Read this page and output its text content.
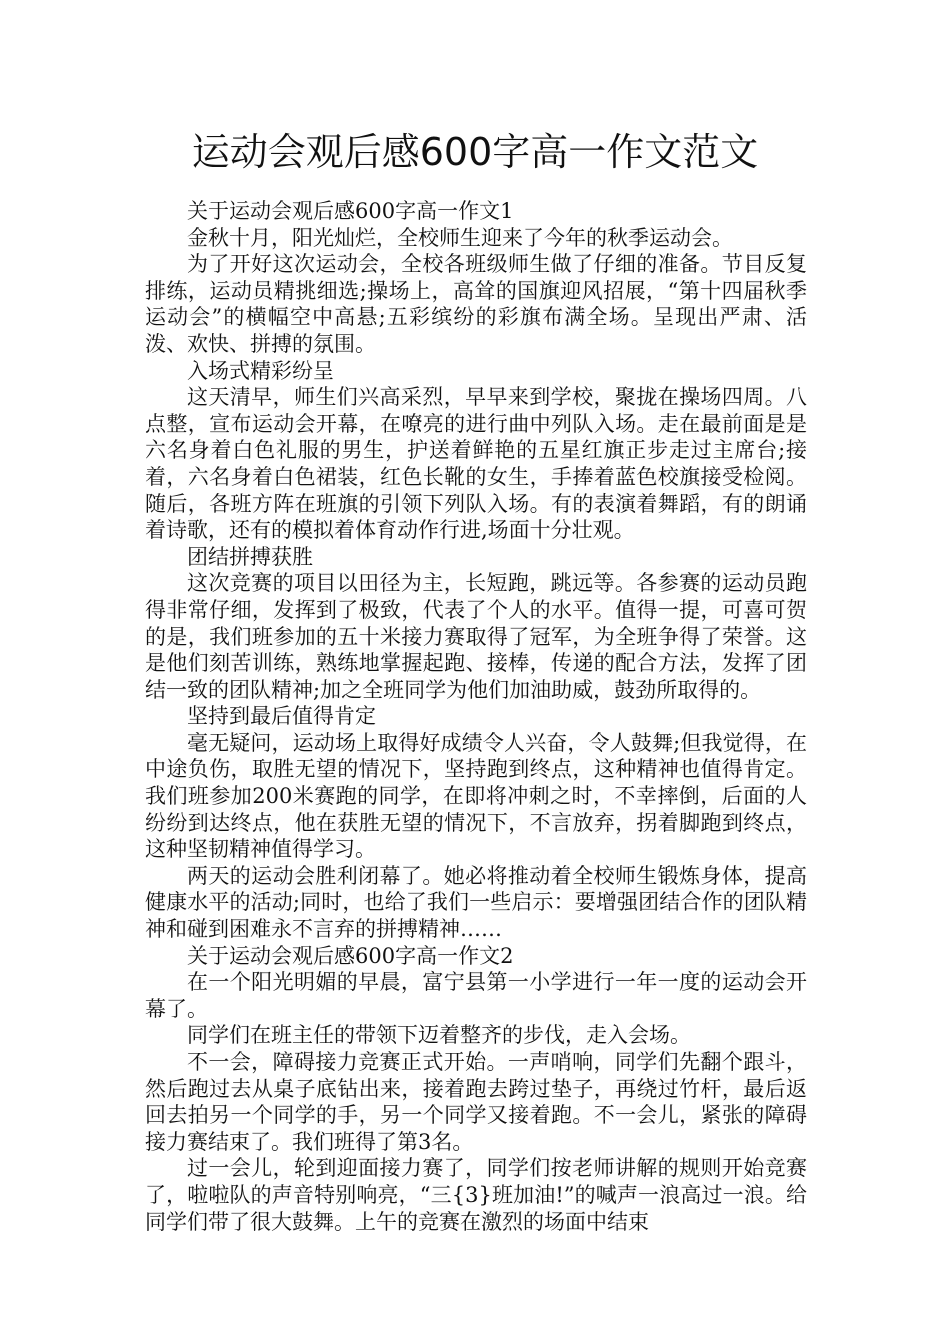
运动会观后感600字高一作文范文

关于运动会观后感600字高一作文1

金秋十月，阳光灿烂，全校师生迎来了今年的秋季运动会。

为了开好这次运动会，全校各班级师生做了仔细的准备。节目反复排练，运动员精挑细选;操场上，高耸的国旗迎风招展，“第十四届秋季运动会”的横幅空中高悬;五彩缤纷的彩旗布满全场。呈现出严肃、活泼、欢快、拼搏的氛围。

入场式精彩纷呈

这天清早，师生们兴高采烈，早早来到学校，聚拢在操场四周。八点整，宣布运动会开幕，在嘹亮的进行曲中列队入场。走在最前面是是六名身着白色礼服的男生，护送着鲜艳的五星红旗正步走过主席台;接着，六名身着白色裙装，红色长靴的女生，手捧着蓝色校旗接受检阅。随后，各班方阵在班旗的引领下列队入场。有的表演着舞蹈，有的朗诵着诗歌，还有的模拟着体育动作行进,场面十分壮观。

团结拼搏获胜

这次竞赛的项目以田径为主，长短跑，跳远等。各参赛的运动员跑得非常仔细，发挥到了极致，代表了个人的水平。值得一提，可喜可贺的是，我们班参加的五十米接力赛取得了冠军，为全班争得了荣誉。这是他们刻苦训练，熟练地掌握起跑、接棒，传递的配合方法，发挥了团结一致的团队精神;加之全班同学为他们加油助威，鼓劲所取得的。

坚持到最后值得肯定

毫无疑问，运动场上取得好成绩令人兴奋，令人鼓舞;但我觉得，在中途负伤，取胜无望的情况下，坚持跑到终点，这种精神也值得肯定。我们班参加200米赛跑的同学，在即将冲刺之时，不幸摔倒，后面的人纷纷到达终点，他在获胜无望的情况下，不言放弃，拐着脚跑到终点，这种坚韧精神值得学习。

两天的运动会胜利闭幕了。她必将推动着全校师生锻炼身体，提高健康水平的活动;同时，也给了我们一些启示：要增强团结合作的团队精神和碰到困难永不言弃的拼搏精神……

关于运动会观后感600字高一作文2

在一个阳光明媚的早晨，富宁县第一小学进行一年一度的运动会开幕了。

同学们在班主任的带领下迈着整齐的步伐，走入会场。

不一会，障碍接力竞赛正式开始。一声哨响，同学们先翻个跟斗，然后跑过去从桌子底钻出来，接着跑去跨过垫子，再绕过竹杆，最后返回去拍另一个同学的手，另一个同学又接着跑。不一会儿，紧张的障碍接力赛结束了。我们班得了第3名。

过一会儿，轮到迎面接力赛了，同学们按老师讲解的规则开始竞赛了，啦啦队的声音特别响亮，“三{3}班加油!”的喊声一浪高过一浪。给同学们带了很大鼓舞。上午的竞赛在激烈的场面中结束
